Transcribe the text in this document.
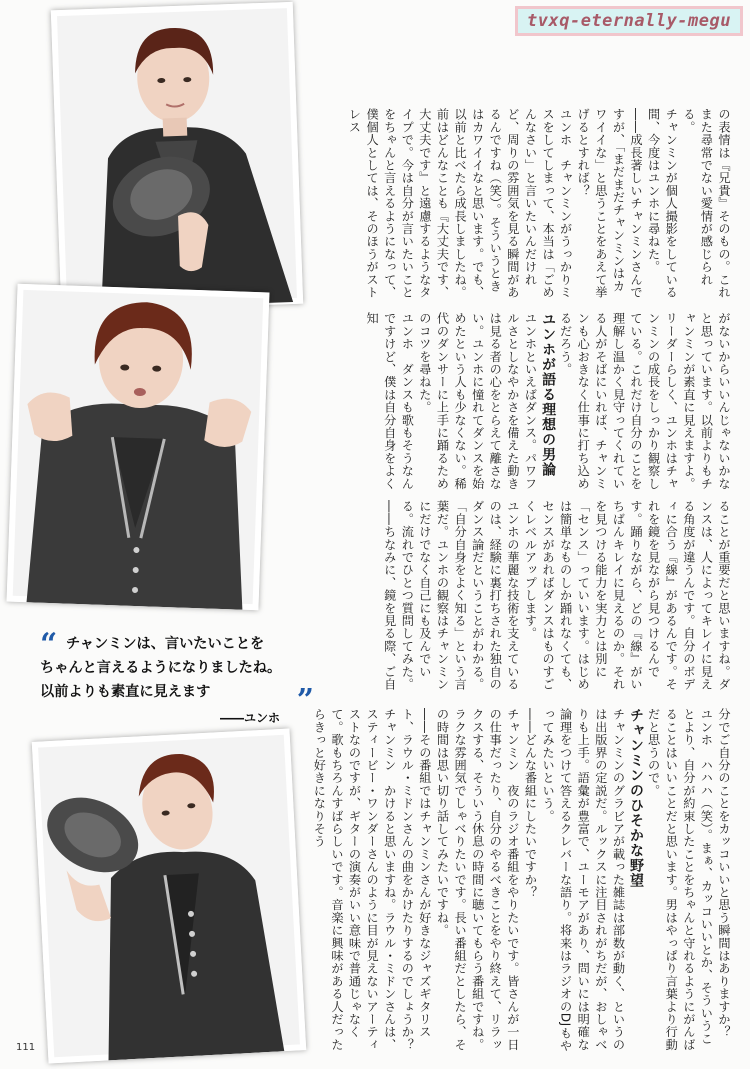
tvxq-eternally-megu
“ チャンミンは、言いたいことを
ちゃんと言えるようになりましたね。
以前よりも素直に見えます
――ユンホ ”

の表情は『兄貴』そのもの。これまた尋常でない愛情が感じられる。

チャンミンが個人撮影をしている間、今度はユンホに尋ねた。

――成長著しいチャンミンさんですが、「まだまだチャンミンはカワイイな」と思うことをあえて挙げるとすれば？

ユンホ　チャンミンがうっかりミスをしてしまって、本当は「ごめんなさい」と言いたいんだけれど、周りの雰囲気を見る瞬間があるんですね（笑）。そういうときはカワイイなと思います。でも、以前と比べたら成長しましたね。前はどんなことも『大丈夫です、大丈夫です』と遠慮するようなタイプで。今は自分が言いたいことをちゃんと言えるようになって、僕個人としては、そのほうがストレス

がないからいいんじゃないかなと思っています。以前よりもチャンミンが素直に見えますよ。

リーダーらしく、ユンホはチャンミンの成長をしっかり観察している。これだけ自分のことを理解し温かく見守ってくれている人がそばにいれば、チャンミンも心おきなく仕事に打ち込めるだろう。

ユンホが語る理想の男論

ユンホといえばダンス。パワフルさとしなやかさを備えた動きは見る者の心をとらえて離さない。ユンホに憧れてダンスを始めたという人も少なくない。稀代のダンサーに上手に踊るためのコツを尋ねた。

ユンホ　ダンスも歌もそうなんですけど、僕は自分自身をよく知

ることが重要だと思いますね。ダンスは、人によってキレイに見える角度が違うんです。自分のボディに合う『線』があるんです。それを鏡を見ながら見つけるんです。踊りながら、どの『線』がいちばんキレイに見えるのか。それを見つける能力を実力とは別に「センス」っていいます。はじめは簡単なものしか踊れなくても、センスがあればダンスはものすごくレベルアップします。

ユンホの華麗な技術を支えているのは、経験に裏打ちされた独自のダンス論だということがわかる。「自分自身をよく知る」という言葉だ。ユンホの観察はチャンミンにだけでなく自己にも及んでいる。流れでひとつ質問してみた。

――ちなみに、鏡を見る際、ご自

分でご自分のことをカッコいいと思う瞬間はありますか？

ユンホ　ハハハ（笑）。まぁ、カッコいいとか、そういうことより、自分が約束したことをちゃんと守れるようにがんばることはいいことだと思います。男はやっぱり言葉より行動だと思うので。

チャンミンのひそかな野望

チャンミンのグラビアが載った雑誌は部数が動く、というのは出版界の定説だ。ルックスに注目されがちだが、おしゃべりも上手。語彙が豊富で、ユーモアがあり、問いには明確な論理をつけて答えるクレバーな語り。将来はラジオのDJもやってみたいという。

――どんな番組にしたいですか？

チャンミン　夜のラジオ番組をやりたいです。皆さんが一日の仕事だったり、自分のやるべきことをやり終えて、リラックスする、そういう休息の時間に聴いてもらう番組ですね。ラクな雰囲気でしゃべりたいです。長い番組だとしたら、その時間は思い切り話してみたいですね。

――その番組ではチャンミンさんが好きなジャズギタリスト、ラウル・ミドンさんの曲をかけたりするのでしょうか？

チャンミン　かけると思いますね。ラウル・ミドンさんは、スティービー・ワンダーさんのように目が見えないアーティストなのですが、ギターの演奏がいい意味で普通じゃなくて。歌もちろんすばらしいです。音楽に興味がある人だったらきっと好きになりそう

111
